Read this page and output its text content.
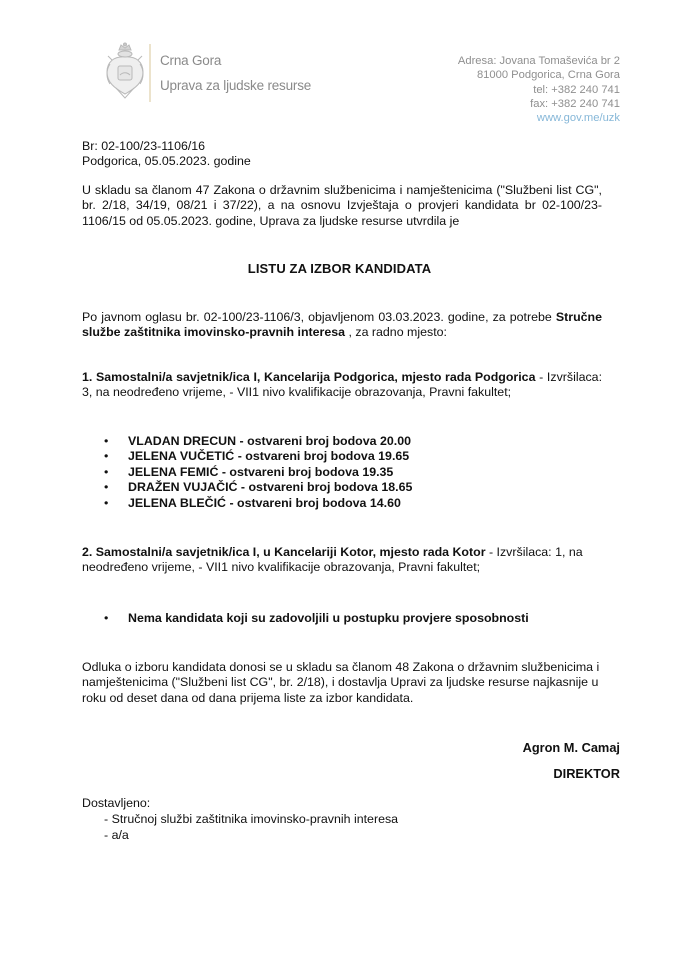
Crna Gora
Uprava za ljudske resurse
Adresa: Jovana Tomaševića br 2
81000 Podgorica, Crna Gora
tel: +382 240 741
fax: +382 240 741
www.gov.me/uzk
Br: 02-100/23-1106/16
Podgorica, 05.05.2023. godine
U skladu sa članom 47 Zakona o državnim službenicima i namještenicima ("Službeni list CG", br. 2/18, 34/19, 08/21 i 37/22), a na osnovu Izvještaja o provjeri kandidata br 02-100/23-1106/15 od 05.05.2023. godine, Uprava za ljudske resurse utvrdila je
LISTU ZA IZBOR KANDIDATA
Po javnom oglasu br. 02-100/23-1106/3, objavljenom 03.03.2023. godine, za potrebe Stručne službe zaštitnika imovinsko-pravnih interesa , za radno mjesto:
1. Samostalni/a savjetnik/ica I, Kancelarija Podgorica, mjesto rada Podgorica - Izvršilaca: 3, na neodređeno vrijeme, - VII1 nivo kvalifikacije obrazovanja, Pravni fakultet;
• VLADAN DRECUN - ostvareni broj bodova 20.00
• JELENA VUČETIĆ - ostvareni broj bodova 19.65
• JELENA FEMIĆ - ostvareni broj bodova 19.35
• DRAŽEN VUJAČIĆ - ostvareni broj bodova 18.65
• JELENA BLEČIĆ - ostvareni broj bodova 14.60
2. Samostalni/a savjetnik/ica I, u Kancelariji Kotor, mjesto rada Kotor - Izvršilaca: 1, na neodređeno vrijeme, - VII1 nivo kvalifikacije obrazovanja, Pravni fakultet;
• Nema kandidata koji su zadovoljili u postupku provjere sposobnosti
Odluka o izboru kandidata donosi se u skladu sa članom 48 Zakona o državnim službenicima i namještenicima ("Službeni list CG", br. 2/18), i dostavlja Upravi za ljudske resurse najkasnije u roku od deset dana od dana prijema liste za izbor kandidata.
Agron M. Camaj
DIREKTOR
Dostavljeno:
- Stručnoj službi zaštitnika imovinsko-pravnih interesa
- a/a
